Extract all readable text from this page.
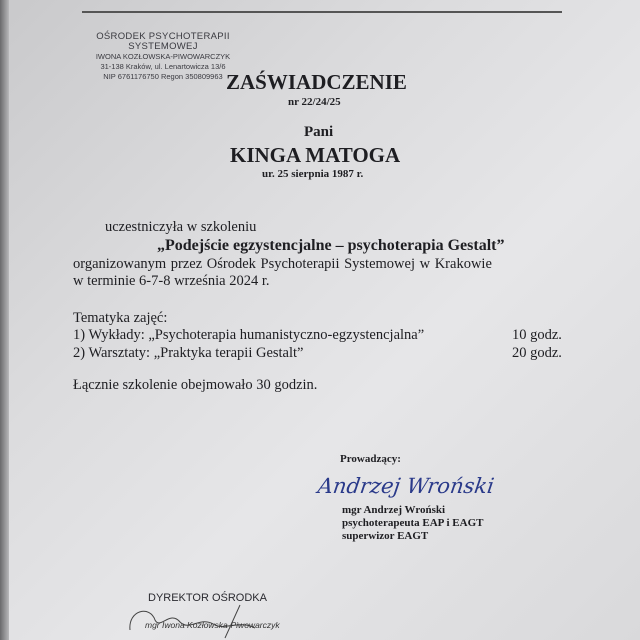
OŚRODEK PSYCHOTERAPII
SYSTEMOWEJ
IWONA KOZŁOWSKA-PIWOWARCZYK
31-138 Kraków, ul. Lenartowicza 13/6
NIP 6761176750 Regon 350809963 ZAŚWIADCZENIE
nr 22/24/25
Pani
KINGA MATOGA
ur. 25 sierpnia 1987 r.
uczestniczyła w szkoleniu
„Podejście egzystencjalne – psychoterapia Gestalt”
organizowanym przez Ośrodek Psychoterapii Systemowej w Krakowie
w terminie 6-7-8 września 2024 r.
Tematyka zajęć:
1) Wykłady: „Psychoterapia humanistyczno-egzystencjalna”	10 godz.
2) Warsztaty: „Praktyka terapii Gestalt”	20 godz.
Łącznie szkolenie obejmowało 30 godzin.
Prowadzący:
Andrzej Wroński
mgr Andrzej Wroński
psychoterapeuta EAP i EAGT
superwizor EAGT
DYREKTOR OŚRODKA
mgr Iwona Kozłowska-Piwowarczyk
